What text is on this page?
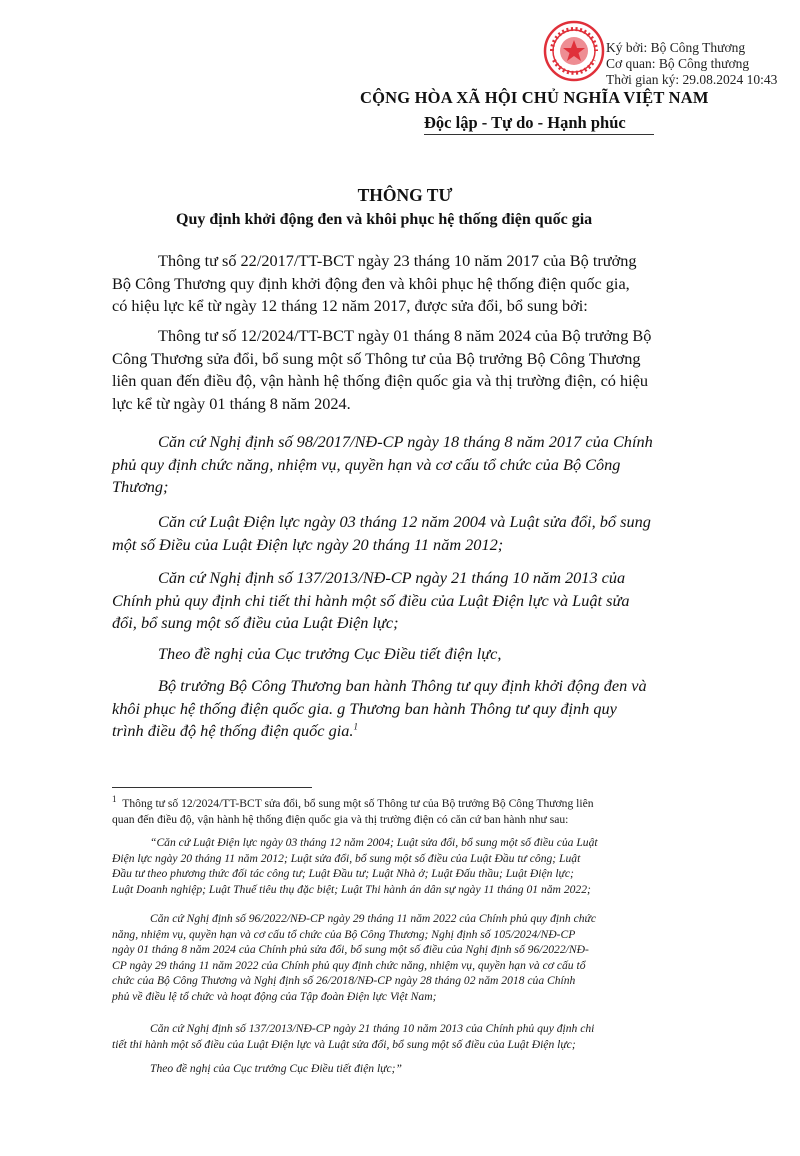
Ký bởi: Bộ Công Thương
Cơ quan: Bộ Công thương
Thời gian ký: 29.08.2024 10:43
CỘNG HÒA XÃ HỘI CHỦ NGHĨA VIỆT NAM
Độc lập - Tự do - Hạnh phúc
THÔNG TƯ
Quy định khởi động đen và khôi phục hệ thống điện quốc gia
Thông tư số 22/2017/TT-BCT ngày 23 tháng 10 năm 2017 của Bộ trưởng
Bộ Công Thương quy định khởi động đen và khôi phục hệ thống điện quốc gia,
có hiệu lực kể từ ngày 12 tháng 12 năm 2017, được sửa đổi, bổ sung bởi:
Thông tư số 12/2024/TT-BCT ngày 01 tháng 8 năm 2024 của Bộ trưởng Bộ
Công Thương sửa đổi, bổ sung một số Thông tư của Bộ trưởng Bộ Công Thương
liên quan đến điều độ, vận hành hệ thống điện quốc gia và thị trường điện, có hiệu
lực kể từ ngày 01 tháng 8 năm 2024.
Căn cứ Nghị định số 98/2017/NĐ-CP ngày 18 tháng 8 năm 2017 của Chính
phủ quy định chức năng, nhiệm vụ, quyền hạn và cơ cấu tổ chức của Bộ Công
Thương;
Căn cứ Luật Điện lực ngày 03 tháng 12 năm 2004 và Luật sửa đổi, bổ sung
một số Điều của Luật Điện lực ngày 20 tháng 11 năm 2012;
Căn cứ Nghị định số 137/2013/NĐ-CP ngày 21 tháng 10 năm 2013 của
Chính phủ quy định chi tiết thi hành một số điều của Luật Điện lực và Luật sửa
đổi, bổ sung một số điều của Luật Điện lực;
Theo đề nghị của Cục trưởng Cục Điều tiết điện lực,
Bộ trưởng Bộ Công Thương ban hành Thông tư quy định khởi động đen và
khôi phục hệ thống điện quốc gia. g Thương ban hành Thông tư quy định quy
trình điều độ hệ thống điện quốc gia.$^1$
$^1$ Thông tư số 12/2024/TT-BCT sửa đổi, bổ sung một số Thông tư của Bộ trưởng Bộ Công Thương liên
quan đến điều độ, vận hành hệ thống điện quốc gia và thị trường điện có căn cứ ban hành như sau:
“Căn cứ Luật Điện lực ngày 03 tháng 12 năm 2004; Luật sửa đổi, bổ sung một số điều của Luật
Điện lực ngày 20 tháng 11 năm 2012; Luật sửa đổi, bổ sung một số điều của Luật Đầu tư công; Luật
Đầu tư theo phương thức đối tác công tư; Luật Đầu tư; Luật Nhà ở; Luật Đấu thầu; Luật Điện lực;
Luật Doanh nghiệp; Luật Thuế tiêu thụ đặc biệt; Luật Thi hành án dân sự ngày 11 tháng 01 năm 2022;
Căn cứ Nghị định số 96/2022/NĐ-CP ngày 29 tháng 11 năm 2022 của Chính phủ quy định chức
năng, nhiệm vụ, quyền hạn và cơ cấu tổ chức của Bộ Công Thương; Nghị định số 105/2024/NĐ-CP
ngày 01 tháng 8 năm 2024 của Chính phủ sửa đổi, bổ sung một số điều của Nghị định số 96/2022/NĐ-
CP ngày 29 tháng 11 năm 2022 của Chính phủ quy định chức năng, nhiệm vụ, quyền hạn và cơ cấu tổ
chức của Bộ Công Thương và Nghị định số 26/2018/NĐ-CP ngày 28 tháng 02 năm 2018 của Chính
phủ về điều lệ tổ chức và hoạt động của Tập đoàn Điện lực Việt Nam;
Căn cứ Nghị định số 137/2013/NĐ-CP ngày 21 tháng 10 năm 2013 của Chính phủ quy định chi
tiết thi hành một số điều của Luật Điện lực và Luật sửa đổi, bổ sung một số điều của Luật Điện lực;
Theo đề nghị của Cục trưởng Cục Điều tiết điện lực;”
